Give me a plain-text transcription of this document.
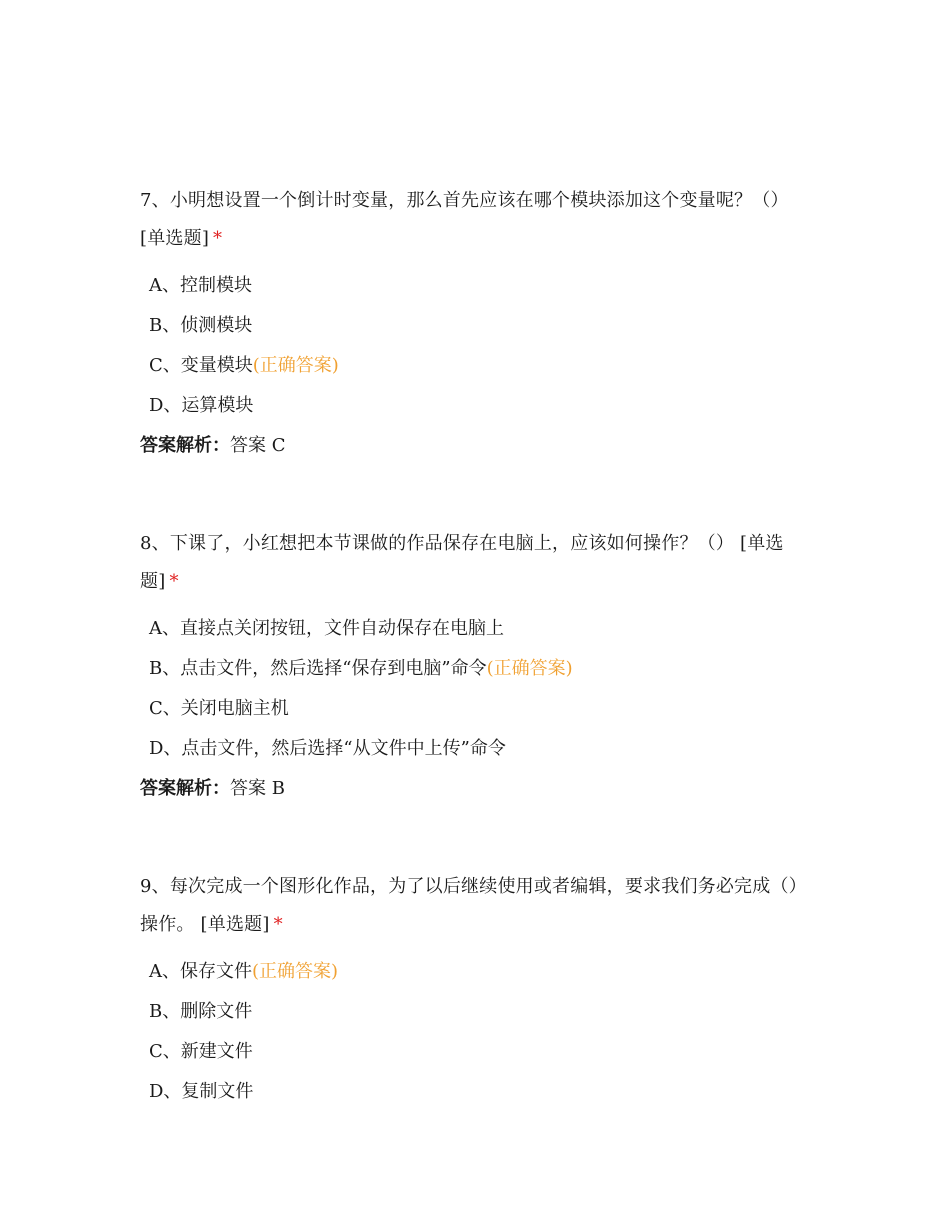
7、小明想设置一个倒计时变量，那么首先应该在哪个模块添加这个变量呢？（）
[单选题] *

A、控制模块
B、侦测模块
C、变量模块(正确答案)
D、运算模块
答案解析：答案 C

8、下课了，小红想把本节课做的作品保存在电脑上，应该如何操作？（） [单选题] *

A、直接点关闭按钮，文件自动保存在电脑上
B、点击文件，然后选择“保存到电脑”命令(正确答案)
C、关闭电脑主机
D、点击文件，然后选择“从文件中上传”命令
答案解析：答案 B

9、每次完成一个图形化作品，为了以后继续使用或者编辑，要求我们务必完成（）操作。 [单选题] *

A、保存文件(正确答案)
B、删除文件
C、新建文件
D、复制文件
